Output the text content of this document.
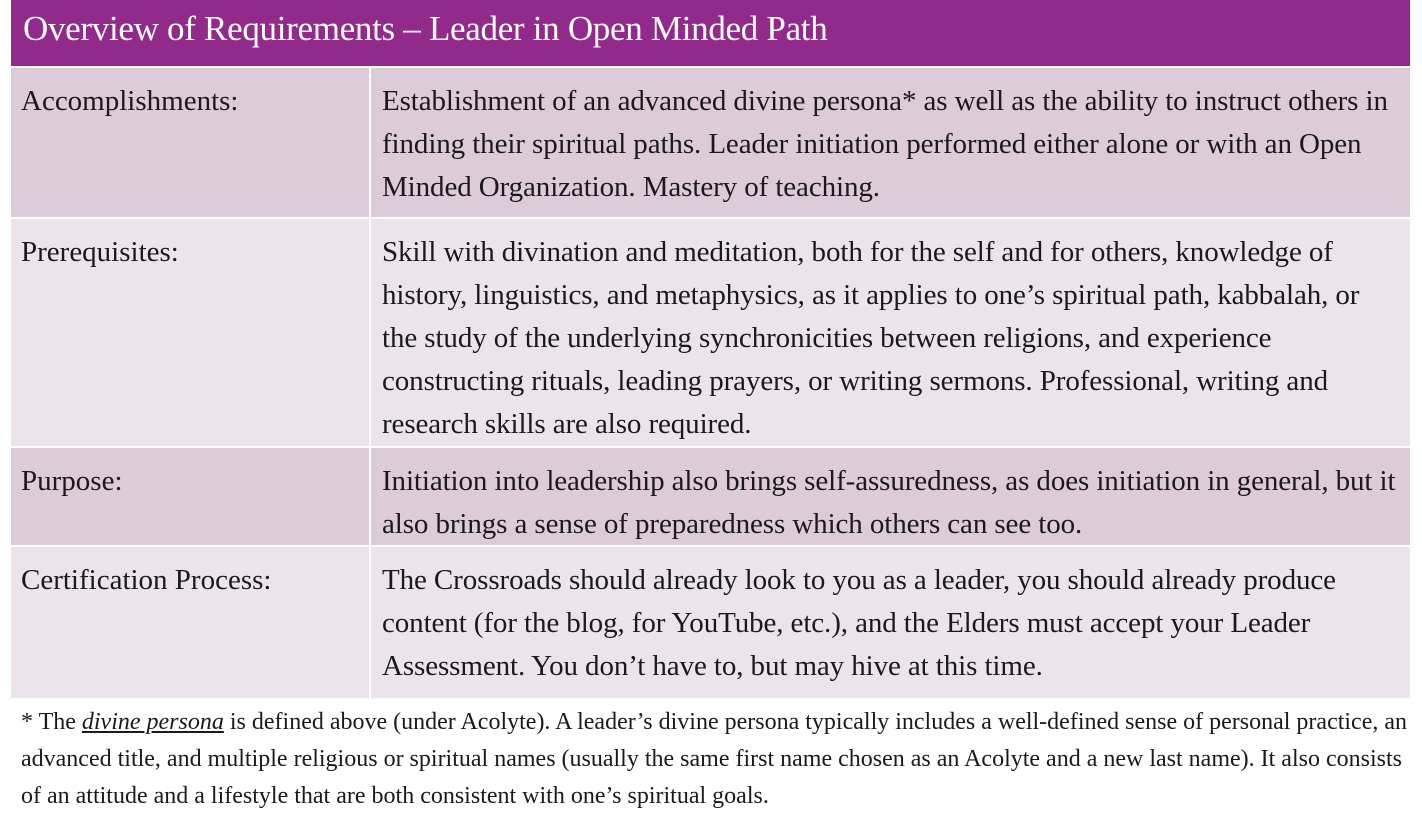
Overview of Requirements – Leader in Open Minded Path
Accomplishments:	Establishment of an advanced divine persona* as well as the ability to instruct others in finding their spiritual paths. Leader initiation performed either alone or with an Open Minded Organization. Mastery of teaching.
Prerequisites:	Skill with divination and meditation, both for the self and for others, knowledge of history, linguistics, and metaphysics, as it applies to one’s spiritual path, kabbalah, or the study of the underlying synchronicities between religions, and experience constructing rituals, leading prayers, or writing sermons. Professional, writing and research skills are also required.
Purpose:	Initiation into leadership also brings self-assuredness, as does initiation in general, but it also brings a sense of preparedness which others can see too.
Certification Process:	The Crossroads should already look to you as a leader, you should already produce content (for the blog, for YouTube, etc.), and the Elders must accept your Leader Assessment. You don’t have to, but may hive at this time.
* The divine persona is defined above (under Acolyte). A leader’s divine persona typically includes a well-defined sense of personal practice, an advanced title, and multiple religious or spiritual names (usually the same first name chosen as an Acolyte and a new last name). It also consists of an attitude and a lifestyle that are both consistent with one’s spiritual goals.
